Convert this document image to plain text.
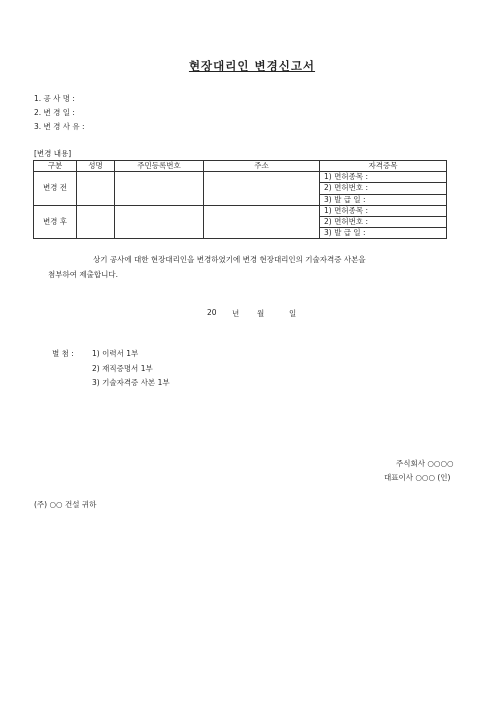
현장대리인 변경신고서
1. 공 사 명 :
2. 변 경 일 :
3. 변 경 사 유 :
[변경 내용]
구분	성명	주민등록번호	주소	자격증목
변경 전				1) 면허종목 :
				2) 면허번호 :
				3) 발 급 일 :
변경 후				1) 면허종목 :
				2) 면허번호 :
				3) 발 급 일 :
상기 공사에 대한 현장대리인을 변경하였기에 변경 현장대리인의 기술자격증 사본을
첨부하여 제출합니다.
20 년 월	일
별 첨 : 1) 이력서 1부
2) 재직증명서 1부
3) 기술자격증 사본 1부
주식회사 ○○○○
대표이사 ○○○ (인)
(주) ○○ 건설 귀하
